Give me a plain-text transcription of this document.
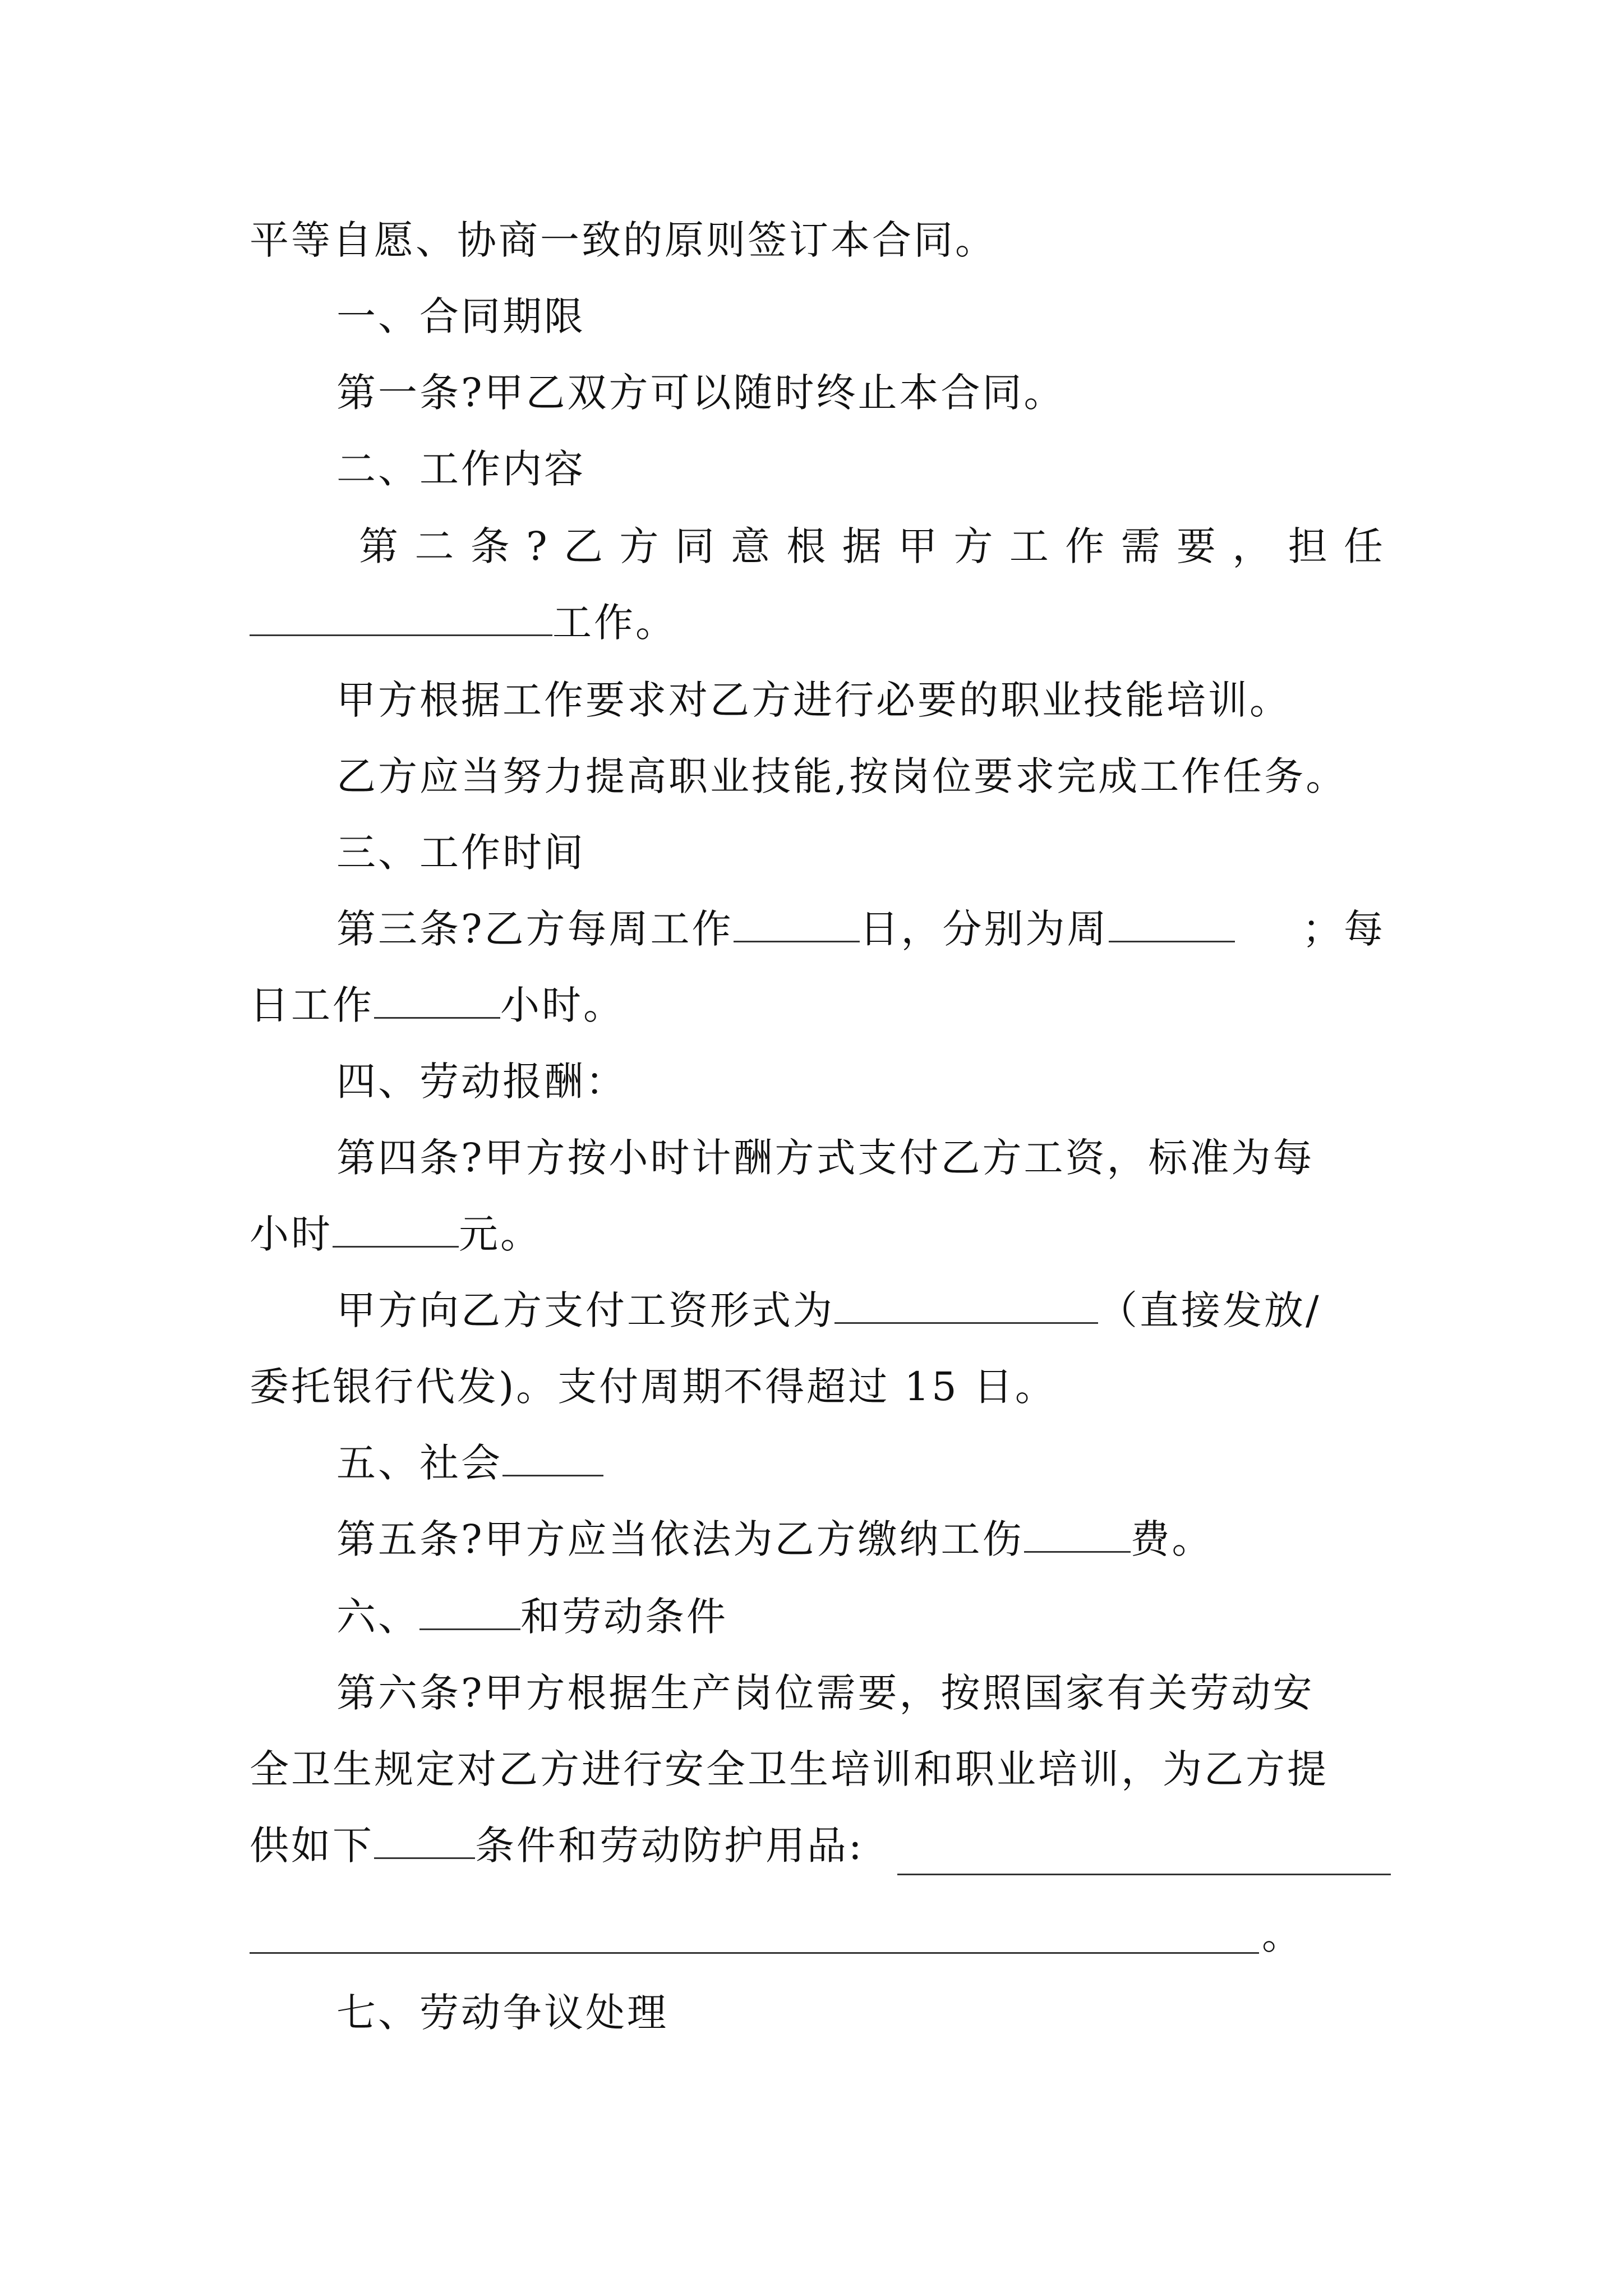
平等自愿、协商一致的原则签订本合同。
一、合同期限
第一条?甲乙双方可以随时终止本合同。
二、工作内容
第 二 条 ? 乙 方 同 意 根 据 甲 方 工 作 需 要 ， 担 任
工作。
甲方根据工作要求对乙方进行必要的职业技能培训。
乙方应当努力提高职业技能,按岗位要求完成工作任务。
三、工作时间
第三条?乙方每周工作	日，分别为周	；每
日工作	小时。
四、劳动报酬：
第四条?甲方按小时计酬方式支付乙方工资，标准为每
小时	元。
甲方向乙方支付工资形式为	（直接发放/
委托银行代发)。支付周期不得超过 15 日。
五、社会
第五条?甲方应当依法为乙方缴纳工伤	费。
六、	和劳动条件
第六条?甲方根据生产岗位需要，按照国家有关劳动安
全卫生规定对乙方进行安全卫生培训和职业培训，为乙方提
供如下	条件和劳动防护用品:
。
七、劳动争议处理
